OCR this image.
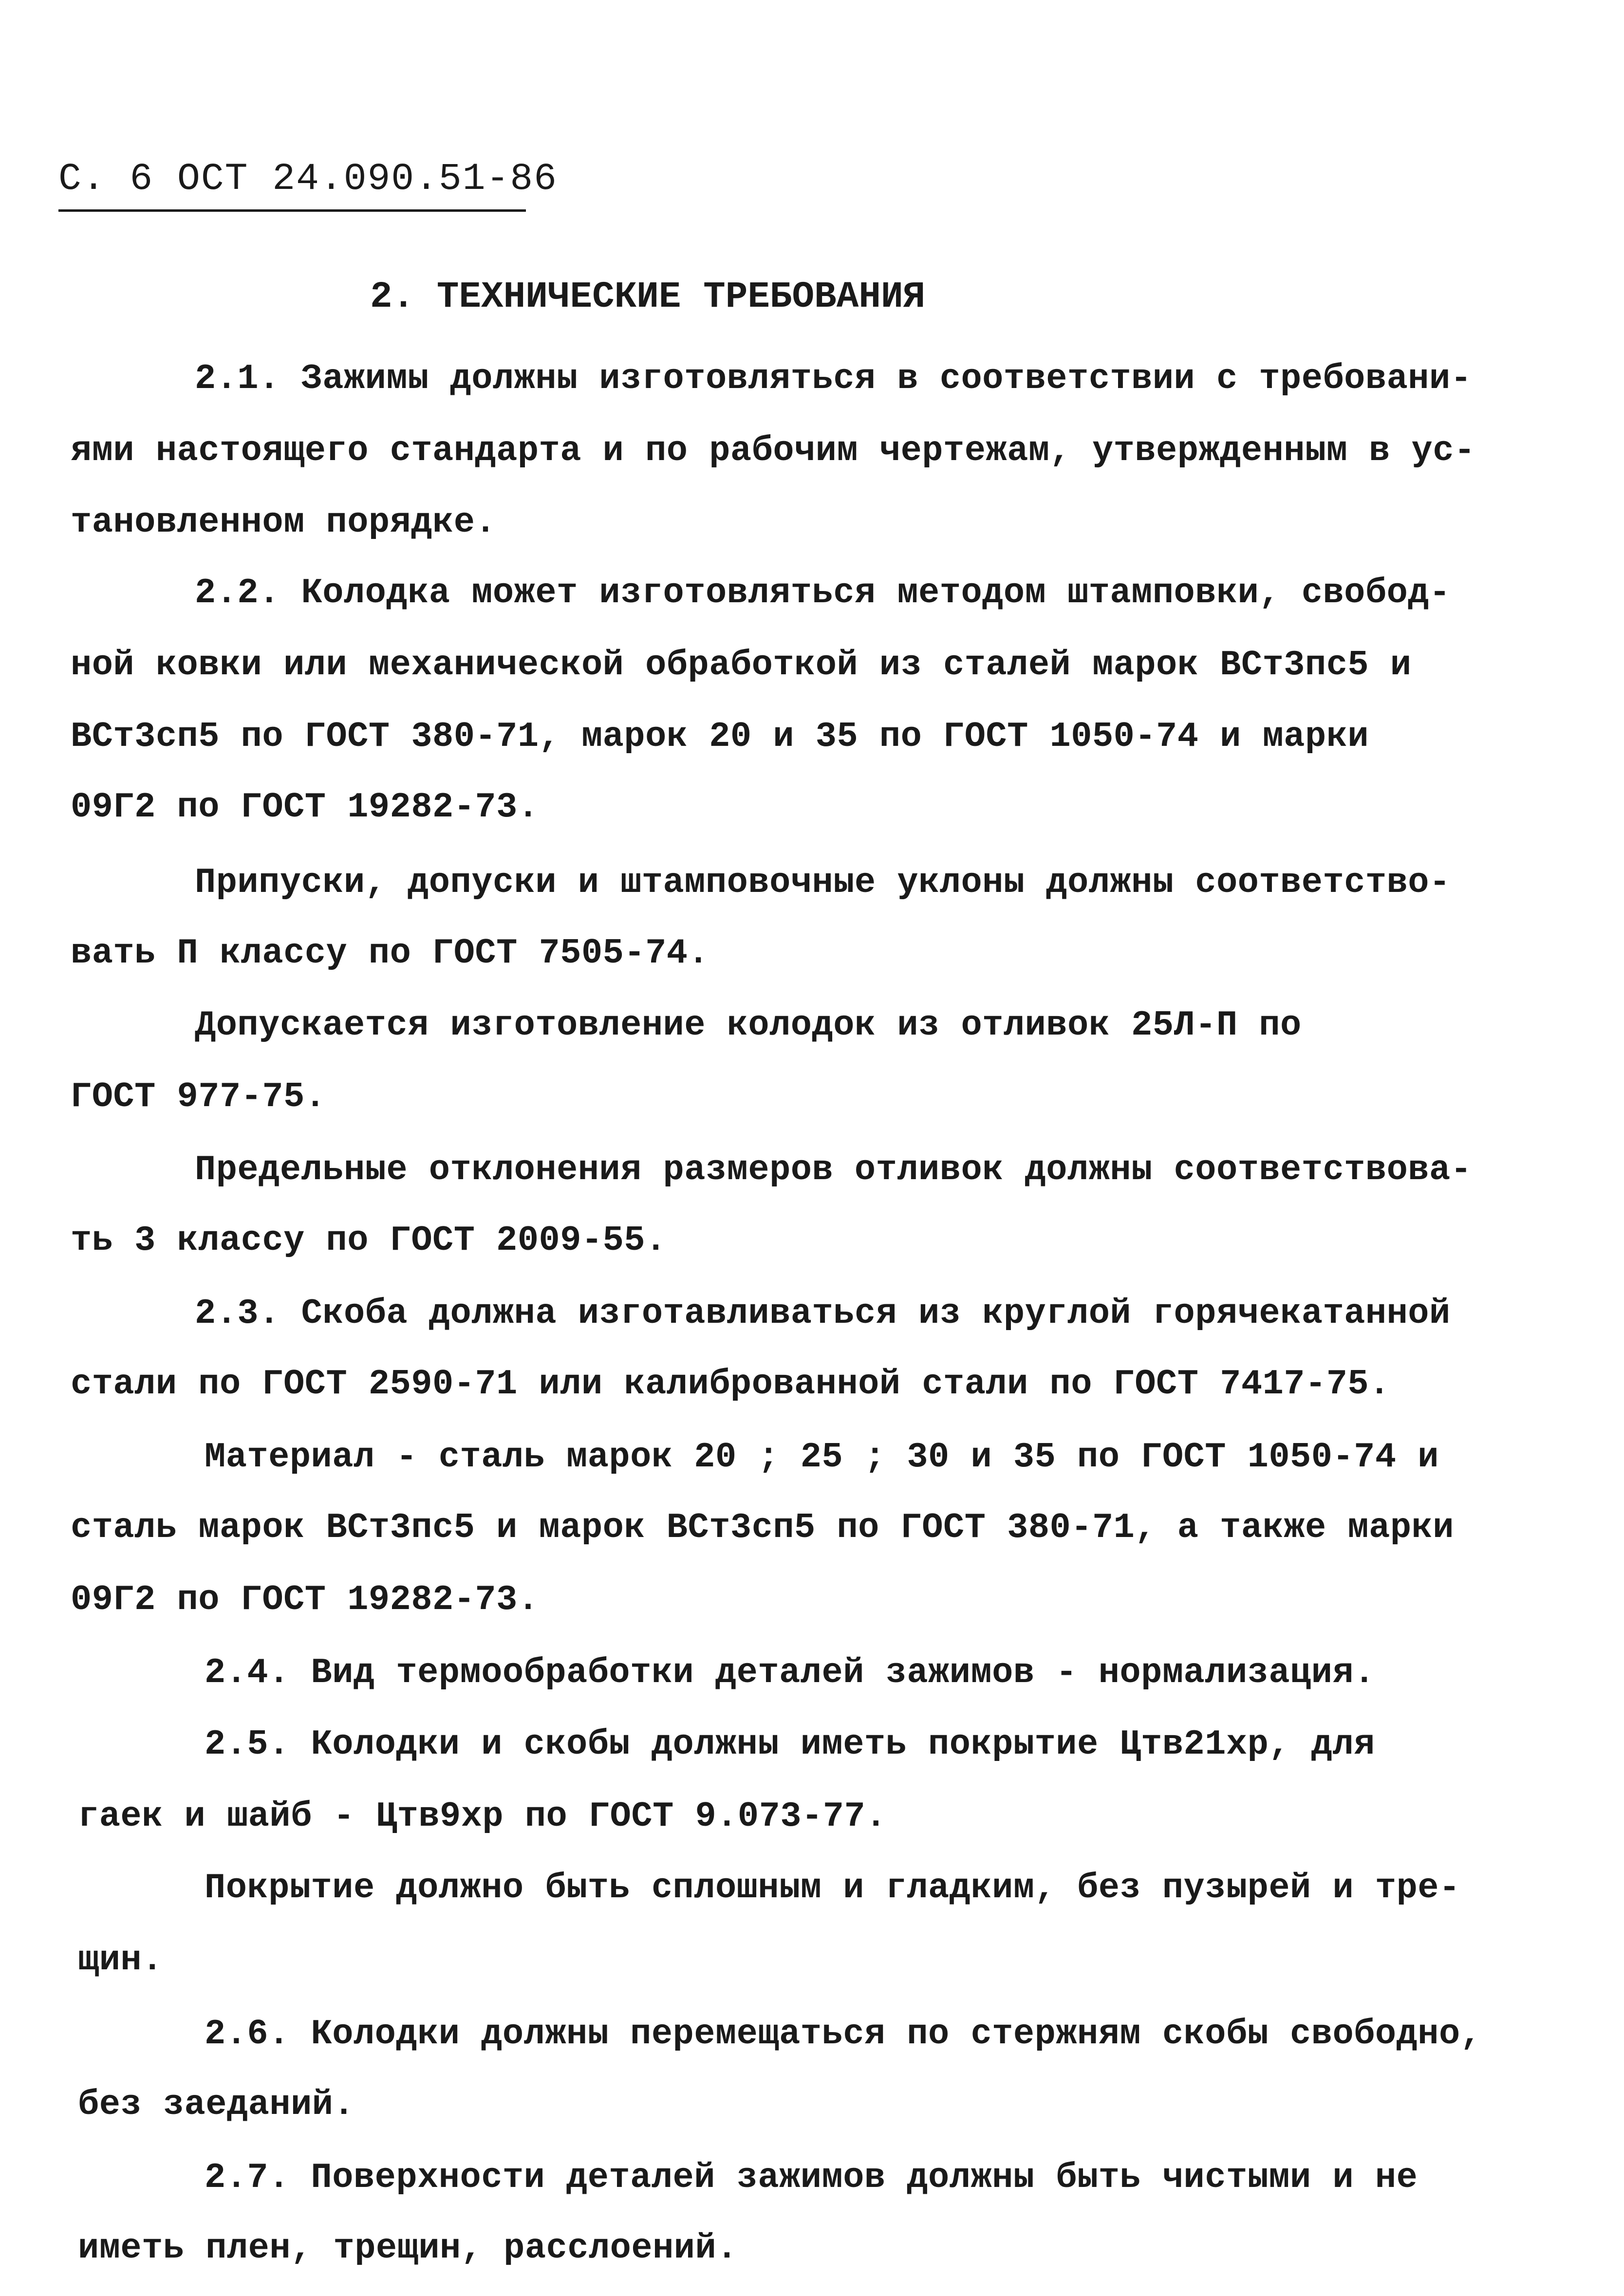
С. 6 ОСТ 24.090.51-86
2. ТЕХНИЧЕСКИЕ ТРЕБОВАНИЯ
2.1. Зажимы должны изготовляться в соответствии с требовани-
ями настоящего стандарта и по рабочим чертежам, утвержденным в ус-
тановленном порядке.
2.2. Колодка может изготовляться методом штамповки, свобод-
ной ковки или механической обработкой из сталей марок ВСт3пс5 и
ВСт3сп5 по ГОСТ 380-71, марок 20 и 35 по ГОСТ 1050-74 и марки
09Г2 по ГОСТ 19282-73.
Припуски, допуски и штамповочные уклоны должны соответство-
вать П классу по ГОСТ 7505-74.
Допускается изготовление колодок из отливок 25Л-П по
ГОСТ 977-75.
Предельные отклонения размеров отливок должны соответствова-
ть 3 классу по ГОСТ 2009-55.
2.3. Скоба должна изготавливаться из круглой горячекатанной
стали по ГОСТ 2590-71 или калиброванной стали по ГОСТ 7417-75.
Материал - сталь марок 20 ; 25 ; 30 и 35 по ГОСТ 1050-74 и
сталь марок ВСт3пс5 и марок ВСт3сп5 по ГОСТ 380-71, а также марки
09Г2 по ГОСТ 19282-73.
2.4. Вид термообработки деталей зажимов - нормализация.
2.5. Колодки и скобы должны иметь покрытие Цтв21хр, для
гаек и шайб - Цтв9хр по ГОСТ 9.073-77.
Покрытие должно быть сплошным и гладким, без пузырей и тре-
щин.
2.6. Колодки должны перемещаться по стержням скобы свободно,
без заеданий.
2.7. Поверхности деталей зажимов должны быть чистыми и не
иметь плен, трещин, расслоений.
